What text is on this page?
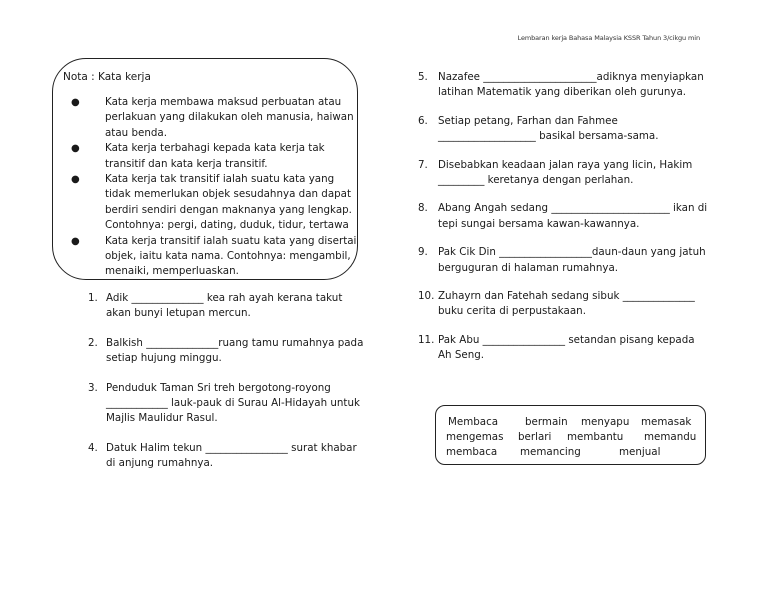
Lembaran kerja Bahasa Malaysia KSSR Tahun 3/cikgu min
Nota : Kata kerja
● Kata kerja membawa maksud perbuatan atau perlakuan yang dilakukan oleh manusia, haiwan atau benda.
● Kata kerja terbahagi kepada kata kerja tak transitif dan kata kerja transitif.
● Kata kerja tak transitif ialah suatu kata yang tidak memerlukan objek sesudahnya dan dapat berdiri sendiri dengan maknanya yang lengkap. Contohnya: pergi, dating, duduk, tidur, tertawa
● Kata kerja transitif ialah suatu kata yang disertai objek, iaitu kata nama. Contohnya: mengambil, menaiki, memperluaskan.
1. Adik ______________ kea rah ayah kerana takut akan bunyi letupan mercun.
2. Balkish ______________ruang tamu rumahnya pada setiap hujung minggu.
3. Penduduk Taman Sri treh bergotong-royong ____________ lauk-pauk di Surau Al-Hidayah untuk Majlis Maulidur Rasul.
4. Datuk Halim tekun ________________ surat khabar di anjung rumahnya.
5. Nazafee ______________________adiknya menyiapkan latihan Matematik yang diberikan oleh gurunya.
6. Setiap petang, Farhan dan Fahmee ___________________ basikal bersama-sama.
7. Disebabkan keadaan jalan raya yang licin, Hakim _________ keretanya dengan perlahan.
8. Abang Angah sedang _______________________ ikan di tepi sungai bersama kawan-kawannya.
9. Pak Cik Din __________________daun-daun yang jatuh berguguran di halaman rumahnya.
10. Zuhayrn dan Fatehah sedang sibuk ______________ buku cerita di perpustakaan.
11. Pak Abu ________________ setandan pisang kepada Ah Seng.
Membaca	bermain menyapu memasak
mengemas berlari membantu memandu
membaca memancing	menjual
